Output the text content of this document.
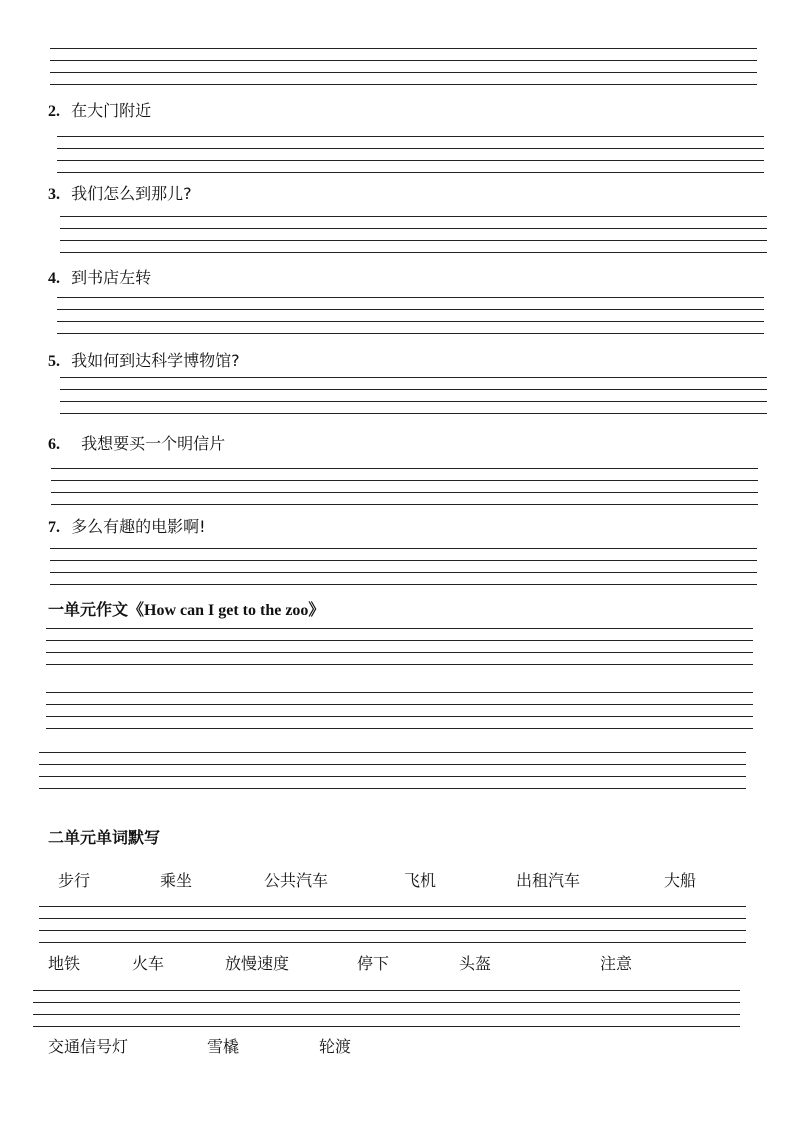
2. 在大门附近
3. 我们怎么到那儿?
4. 到书店左转
5. 我如何到达科学博物馆?
6. 我想要买一个明信片
7. 多么有趣的电影啊!
一单元作文《How can I get to the zoo》
二单元单词默写
步行	乘坐	公共汽车	飞机	出租汽车	大船
地铁	火车	放慢速度	停下	头盔	注意
交通信号灯	雪橇	轮渡
